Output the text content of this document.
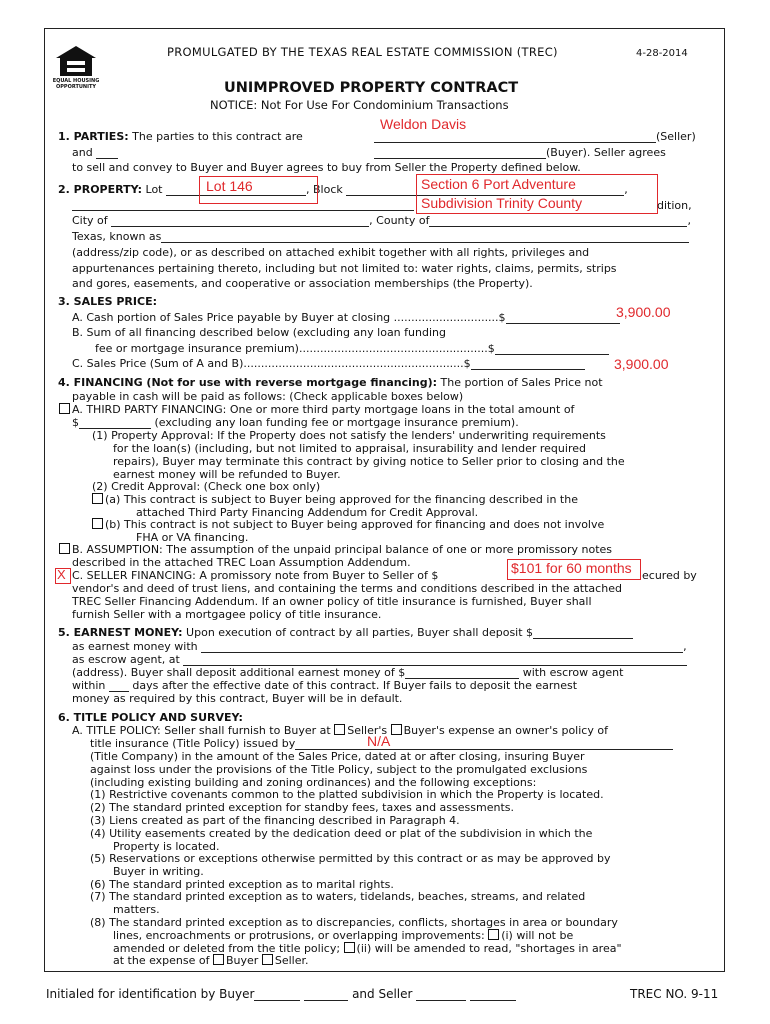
EQUAL HOUSING
OPPORTUNITY
PROMULGATED BY THE TEXAS REAL ESTATE COMMISSION (TREC)	4-28-2014
UNIMPROVED PROPERTY CONTRACT
NOTICE: Not For Use For Condominium Transactions
1. PARTIES: The parties to this contract are	(Seller)
Weldon Davis
and	(Buyer). Seller agrees
to sell and convey to Buyer and Buyer agrees to buy from Seller the Property defined below.
2. PROPERTY: Lot	, Block	,
Lot 146	Section 6 Port Adventure
Subdivision Trinity County	dition,
City of	, County of	,
Texas, known as
(address/zip code), or as described on attached exhibit together with all rights, privileges and
appurtenances pertaining thereto, including but not limited to: water rights, claims, permits, strips
and gores, easements, and cooperative or association memberships (the Property).
3. SALES PRICE:
A. Cash portion of Sales Price payable by Buyer at closing ..............................$	3,900.00
B. Sum of all financing described below (excluding any loan funding
fee or mortgage insurance premium)......................................................$
C. Sales Price (Sum of A and B)...............................................................$	3,900.00
4. FINANCING (Not for use with reverse mortgage financing): The portion of Sales Price not
payable in cash will be paid as follows: (Check applicable boxes below)
A. THIRD PARTY FINANCING: One or more third party mortgage loans in the total amount of
$	(excluding any loan funding fee or mortgage insurance premium).
(1) Property Approval: If the Property does not satisfy the lenders' underwriting requirements
for the loan(s) (including, but not limited to appraisal, insurability and lender required
repairs), Buyer may terminate this contract by giving notice to Seller prior to closing and the
earnest money will be refunded to Buyer.
(2) Credit Approval: (Check one box only)
(a) This contract is subject to Buyer being approved for the financing described in the
attached Third Party Financing Addendum for Credit Approval.
(b) This contract is not subject to Buyer being approved for financing and does not involve
FHA or VA financing.
B. ASSUMPTION: The assumption of the unpaid principal balance of one or more promissory notes
described in the attached TREC Loan Assumption Addendum.
X C. SELLER FINANCING: A promissory note from Buyer to Seller of $	$101 for 60 months ecured by
vendor's and deed of trust liens, and containing the terms and conditions described in the attached
TREC Seller Financing Addendum. If an owner policy of title insurance is furnished, Buyer shall
furnish Seller with a mortgagee policy of title insurance.
5. EARNEST MONEY: Upon execution of contract by all parties, Buyer shall deposit $
as earnest money with	,
as escrow agent, at
(address). Buyer shall deposit additional earnest money of $	with escrow agent
within days after the effective date of this contract. If Buyer fails to deposit the earnest
money as required by this contract, Buyer will be in default.
6. TITLE POLICY AND SURVEY:
A. TITLE POLICY: Seller shall furnish to Buyer at Seller's Buyer's expense an owner's policy of
title insurance (Title Policy) issued by	N/A
(Title Company) in the amount of the Sales Price, dated at or after closing, insuring Buyer
against loss under the provisions of the Title Policy, subject to the promulgated exclusions
(including existing building and zoning ordinances) and the following exceptions:
(1) Restrictive covenants common to the platted subdivision in which the Property is located.
(2) The standard printed exception for standby fees, taxes and assessments.
(3) Liens created as part of the financing described in Paragraph 4.
(4) Utility easements created by the dedication deed or plat of the subdivision in which the
Property is located.
(5) Reservations or exceptions otherwise permitted by this contract or as may be approved by
Buyer in writing.
(6) The standard printed exception as to marital rights.
(7) The standard printed exception as to waters, tidelands, beaches, streams, and related
matters.
(8) The standard printed exception as to discrepancies, conflicts, shortages in area or boundary
lines, encroachments or protrusions, or overlapping improvements: (i) will not be
amended or deleted from the title policy; (ii) will be amended to read, "shortages in area"
at the expense of Buyer Seller.
Initialed for identification by Buyer	and Seller	TREC NO. 9-11
